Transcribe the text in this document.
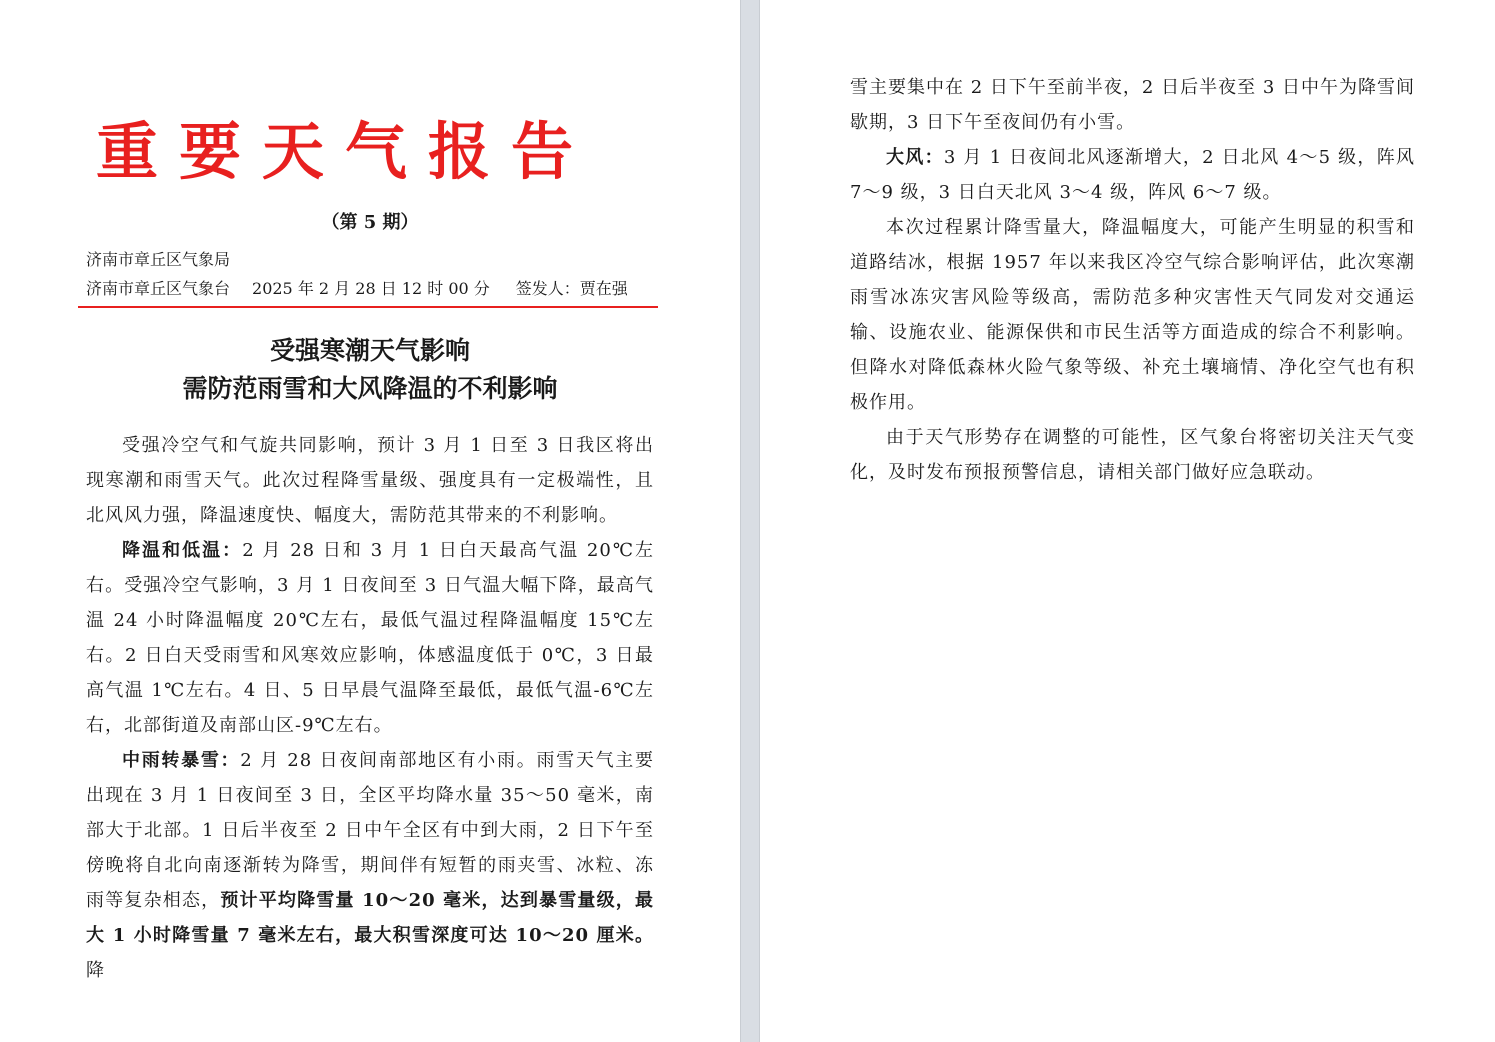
重要天气报告
（第 5 期）
济南市章丘区气象局
济南市章丘区气象台 2025 年 2 月 28 日 12 时 00 分 签发人：贾在强
受强寒潮天气影响
需防范雨雪和大风降温的不利影响

受强冷空气和气旋共同影响，预计 3 月 1 日至 3 日我区将出现寒潮和雨雪天气。此次过程降雪量级、强度具有一定极端性，且北风风力强，降温速度快、幅度大，需防范其带来的不利影响。

降温和低温：2 月 28 日和 3 月 1 日白天最高气温 20℃左右。受强冷空气影响，3 月 1 日夜间至 3 日气温大幅下降，最高气温 24 小时降温幅度 20℃左右，最低气温过程降温幅度 15℃左右。2 日白天受雨雪和风寒效应影响，体感温度低于 0℃，3 日最高气温 1℃左右。4 日、5 日早晨气温降至最低，最低气温-6℃左右，北部街道及南部山区-9℃左右。

中雨转暴雪：2 月 28 日夜间南部地区有小雨。雨雪天气主要出现在 3 月 1 日夜间至 3 日，全区平均降水量 35～50 毫米，南部大于北部。1 日后半夜至 2 日中午全区有中到大雨，2 日下午至傍晚将自北向南逐渐转为降雪，期间伴有短暂的雨夹雪、冰粒、冻雨等复杂相态，预计平均降雪量 10～20 毫米，达到暴雪量级，最大 1 小时降雪量 7 毫米左右，最大积雪深度可达 10～20 厘米。降

雪主要集中在 2 日下午至前半夜，2 日后半夜至 3 日中午为降雪间歇期，3 日下午至夜间仍有小雪。

大风：3 月 1 日夜间北风逐渐增大，2 日北风 4～5 级，阵风 7～9 级，3 日白天北风 3～4 级，阵风 6～7 级。

本次过程累计降雪量大，降温幅度大，可能产生明显的积雪和道路结冰，根据 1957 年以来我区冷空气综合影响评估，此次寒潮雨雪冰冻灾害风险等级高，需防范多种灾害性天气同发对交通运输、设施农业、能源保供和市民生活等方面造成的综合不利影响。但降水对降低森林火险气象等级、补充土壤墒情、净化空气也有积极作用。

由于天气形势存在调整的可能性，区气象台将密切关注天气变化，及时发布预报预警信息，请相关部门做好应急联动。
